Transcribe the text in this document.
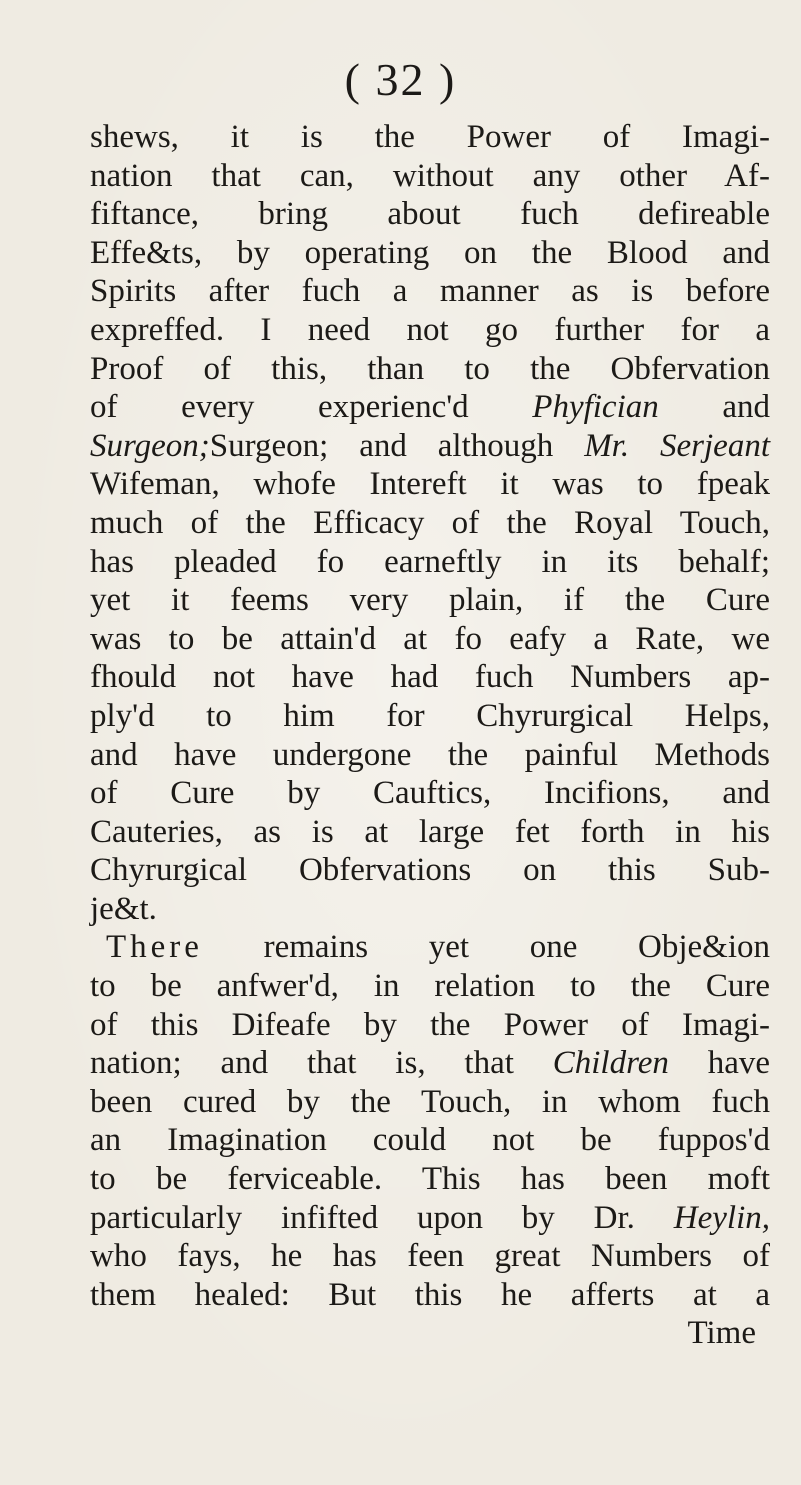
( 32 )
shews, it is the Power of Imagi-
nation that can, without any other Af-
fiftance, bring about fuch defireable
Effe&ts, by operating on the Blood and
Spirits after fuch a manner as is before
expreffed. I need not go further for a
Proof of this, than to the Obfervation
of every experienc'd Phyfician and
Surgeon;Surgeon; and although Mr. Serjeant
Wifeman, whofe Intereft it was to fpeak
much of the Efficacy of the Royal Touch,
has pleaded fo earneftly in its behalf;
yet it feems very plain, if the Cure
was to be attain'd at fo eafy a Rate, we
fhould not have had fuch Numbers ap-
ply'd to him for Chyrurgical Helps,
and have undergone the painful Methods
of Cure by Cauftics, Incifions, and
Cauteries, as is at large fet forth in his
Chyrurgical Obfervations on this Sub-
je&t.
There remains yet one Obje&ion
to be anfwer'd, in relation to the Cure
of this Difeafe by the Power of Imagi-
nation; and that is, that Children have
been cured by the Touch, in whom fuch
an Imagination could not be fuppos'd
to be ferviceable. This has been moft
particularly infifted upon by Dr. Heylin,
who fays, he has feen great Numbers of
them healed: But this he afferts at a
Time
